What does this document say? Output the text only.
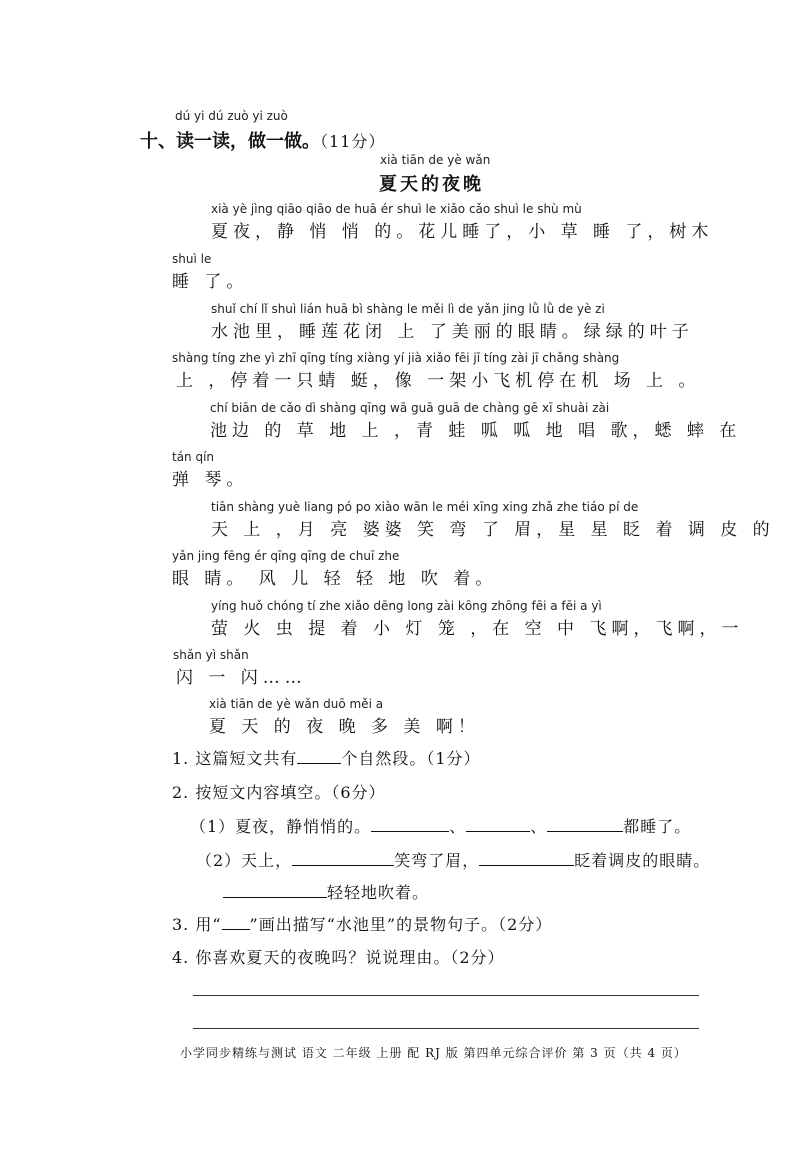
dú yi dú zuò yi zuò
十、读一读，做一做。（11分）
xià tiān de yè wǎn
夏天的夜晚
xià yè jìng qiāo qiāo de huā ér shuì le xiǎo cǎo shuì le shù mù
夏夜，静 悄 悄 的。花儿睡了，小 草 睡 了，树木
shuì le
睡 了。
shuǐ chí lǐ shuì lián huā bì shàng le měi lì de yǎn jing lǜ lǜ de yè zi
水池里，睡莲花闭 上 了美丽的眼睛。绿绿的叶子
shàng tíng zhe yì zhī qīng tíng xiàng yí jià xiǎo fēi jī tíng zài jī chǎng shàng
上 ，停着一只蜻 蜓，像 一架小飞机停在机 场 上 。
chí biān de cǎo dì shàng qīng wā guā guā de chàng gē xī shuài zài
池边 的 草 地 上 ，青 蛙 呱 呱 地 唱 歌，蟋 蟀 在
tán qín
弹 琴。
tiān shàng yuè liang pó po xiào wān le méi xīng xing zhǎ zhe tiáo pí de
天 上 ，月 亮 婆婆 笑 弯 了 眉，星 星 眨 着 调 皮 的
yǎn jing fēng ér qīng qīng de chuī zhe
眼 睛。 风 儿 轻 轻 地 吹 着。
yíng huǒ chóng tí zhe xiǎo dēng long zài kōng zhōng fēi a fēi a yì
萤 火 虫 提 着 小 灯 笼 ，在 空 中 飞啊，飞啊，一
shǎn yì shǎn
闪 一 闪……
xià tiān de yè wǎn duō měi a
夏 天 的 夜 晚 多 美 啊！
1. 这篇短文共有	个自然段。（1分）
2. 按短文内容填空。（6分）
（1）夏夜，静悄悄的。	、	、	都睡了。
（2）天上，	笑弯了眉，	眨着调皮的眼睛。
轻轻地吹着。
3. 用“ ”画出描写“水池里”的景物句子。（2分）
4. 你喜欢夏天的夜晚吗？说说理由。（2分）
小学同步精练与测试 语文 二年级 上册 配 RJ 版 第四单元综合评价 第 3 页（共 4 页）
